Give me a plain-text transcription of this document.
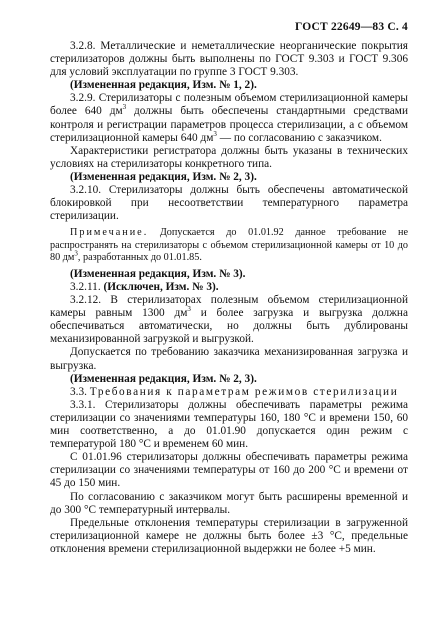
ГОСТ 22649—83 С. 4

3.2.8. Металлические и неметаллические неорганические покрытия стерилизаторов должны быть выполнены по ГОСТ 9.303 и ГОСТ 9.306 для условий эксплуатации по группе 3 ГОСТ 9.303.

(Измененная редакция, Изм. № 1, 2).

3.2.9. Стерилизаторы с полезным объемом стерилизационной камеры более 640 $дм^3$ должны быть обеспечены стандартными средствами контроля и регистрации параметров процесса стерилизации, а с объемом стерилизационной камеры 640 $дм^3$ — по согласованию с заказчиком.

Характеристики регистратора должны быть указаны в технических условиях на стерилизаторы конкретного типа.

(Измененная редакция, Изм. № 2, 3).

3.2.10. Стерилизаторы должны быть обеспечены автоматической блокировкой при несоответствии температурного параметра стерилизации.

Примечание. Допускается до 01.01.92 данное требование не распространять на стерилизаторы с объемом стерилизационной камеры от 10 до 80 $дм^3$, разработанных до 01.01.85.

(Измененная редакция, Изм. № 3).

3.2.11. (Исключен, Изм. № 3).

3.2.12. В стерилизаторах полезным объемом стерилизационной камеры равным 1300 $дм^3$ и более загрузка и выгрузка должна обеспечиваться автоматически, но должны быть дублированы механизированной загрузкой и выгрузкой.

Допускается по требованию заказчика механизированная загрузка и выгрузка.

(Измененная редакция, Изм. № 2, 3).

3.3. Требования к параметрам режимов стерилизации

3.3.1. Стерилизаторы должны обеспечивать параметры режима стерилизации со значениями температуры 160, 180 °С и времени 150, 60 мин соответственно, а до 01.01.90 допускается один режим с температурой 180 °С и временем 60 мин.

С 01.01.96 стерилизаторы должны обеспечивать параметры режима стерилизации со значениями температуры от 160 до 200 °С и времени от 45 до 150 мин.

По согласованию с заказчиком могут быть расширены временной и до 300 °С температурный интервалы.

Предельные отклонения температуры стерилизации в загруженной стерилизационной камере не должны быть более ±3 °С, предельные отклонения времени стерилизационной выдержки не более +5 мин.
